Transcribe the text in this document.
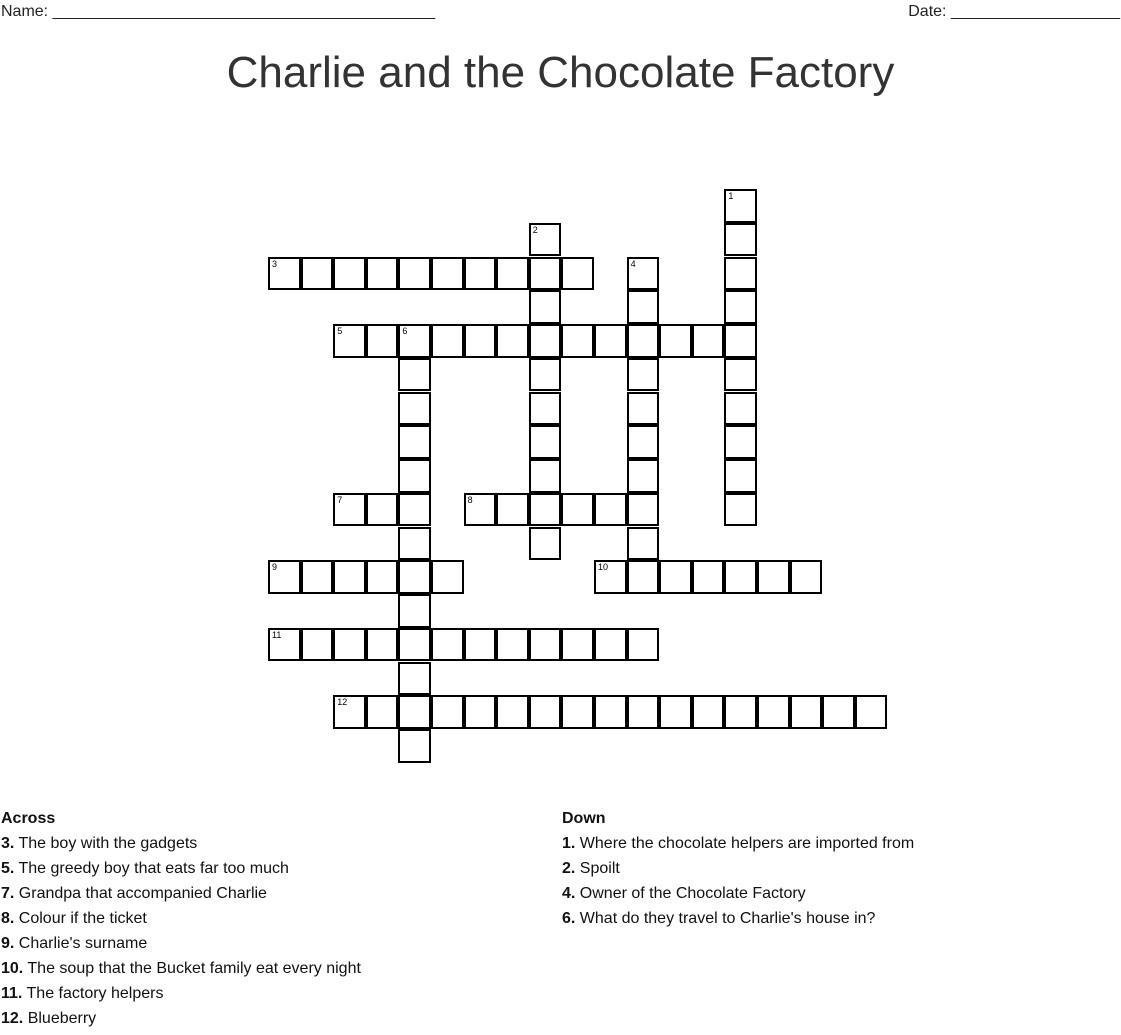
Name: ___________________________________________	Date: ___________________
Charlie and the Chocolate Factory
1
2
3	4
5	6
7	8
9	10
11
12
Across
3. The boy with the gadgets
5. The greedy boy that eats far too much
7. Grandpa that accompanied Charlie
8. Colour if the ticket
9. Charlie's surname
10. The soup that the Bucket family eat every night
11. The factory helpers
12. Blueberry
Down
1. Where the chocolate helpers are imported from
2. Spoilt
4. Owner of the Chocolate Factory
6. What do they travel to Charlie's house in?
